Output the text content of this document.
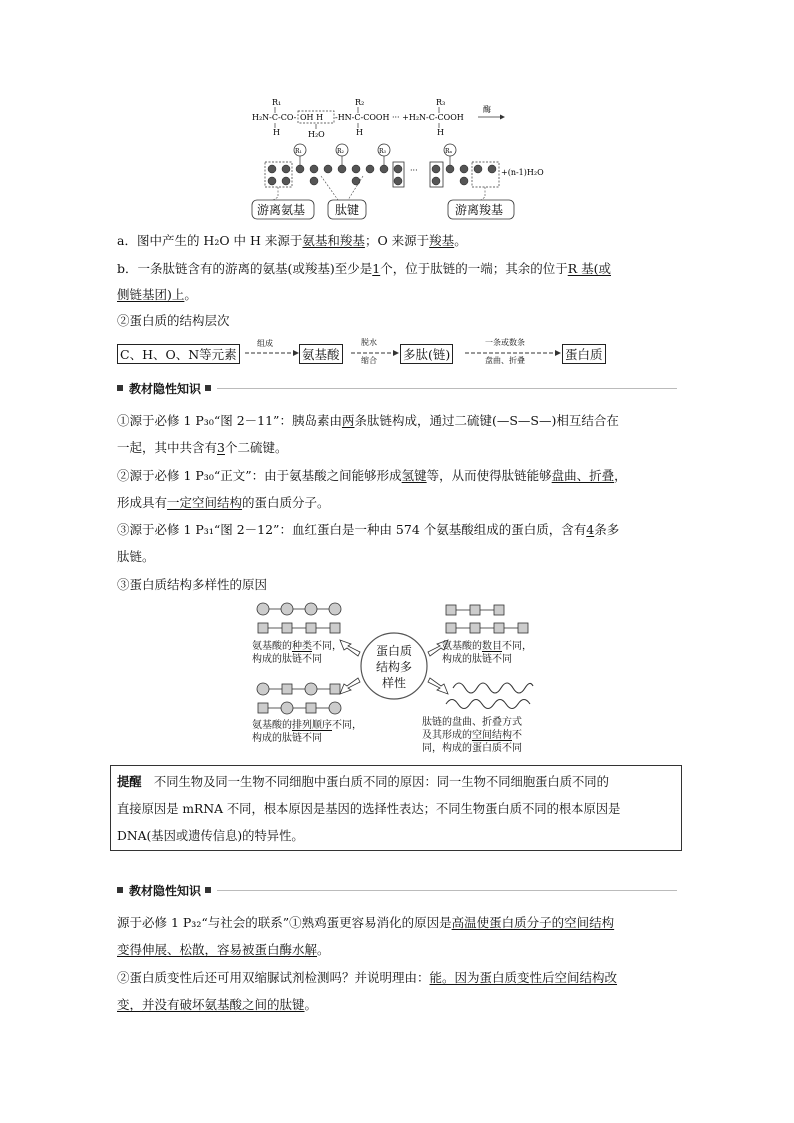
R₁	R₂	R₃
H₂N-C-CO- OH H -HN-C-COOH ··· +H₂N-C-COOH
H	H	H
H₂O
酶
R₁	R₂	R₃	Rₙ
···	+(n-1)H₂O
游离氨基 肽键	游离羧基
a．图中产生的 H₂O 中 H 来源于氨基和羧基；O 来源于羧基。
b．一条肽链含有的游离的氨基(或羧基)至少是1个，位于肽链的一端；其余的位于R 基(或
侧链基团)上。
②蛋白质的结构层次
C、H、O、N等元素
组成
氨基酸
脱水
缩合 多肽(链)
一条或数条
盘曲、折叠	蛋白质
教材隐性知识
①源于必修 1 P₃₀“图 2－11”：胰岛素由两条肽链构成，通过二硫键(—S—S—)相互结合在
一起，其中共含有3个二硫键。
②源于必修 1 P₃₀“正文”：由于氨基酸之间能够形成氢键等，从而使得肽链能够盘曲、折叠，
形成具有一定空间结构的蛋白质分子。
③源于必修 1 P₃₁“图 2－12”：血红蛋白是一种由 574 个氨基酸组成的蛋白质，含有4条多
肽链。
③蛋白质结构多样性的原因
蛋白质
结构多
样性
氨基酸的种类不同，
构成的肽链不同
氨基酸的数目不同，
构成的肽链不同
氨基酸的排列顺序不同，
构成的肽链不同
肽链的盘曲、折叠方式
及其形成的空间结构不
同，构成的蛋白质不同
提醒　不同生物及同一生物不同细胞中蛋白质不同的原因：同一生物不同细胞蛋白质不同的
直接原因是 mRNA 不同，根本原因是基因的选择性表达；不同生物蛋白质不同的根本原因是
DNA(基因或遗传信息)的特异性。
教材隐性知识
源于必修 1 P₃₂“与社会的联系”①熟鸡蛋更容易消化的原因是高温使蛋白质分子的空间结构
变得伸展、松散，容易被蛋白酶水解。
②蛋白质变性后还可用双缩脲试剂检测吗？并说明理由：能。因为蛋白质变性后空间结构改
变，并没有破坏氨基酸之间的肽键。
